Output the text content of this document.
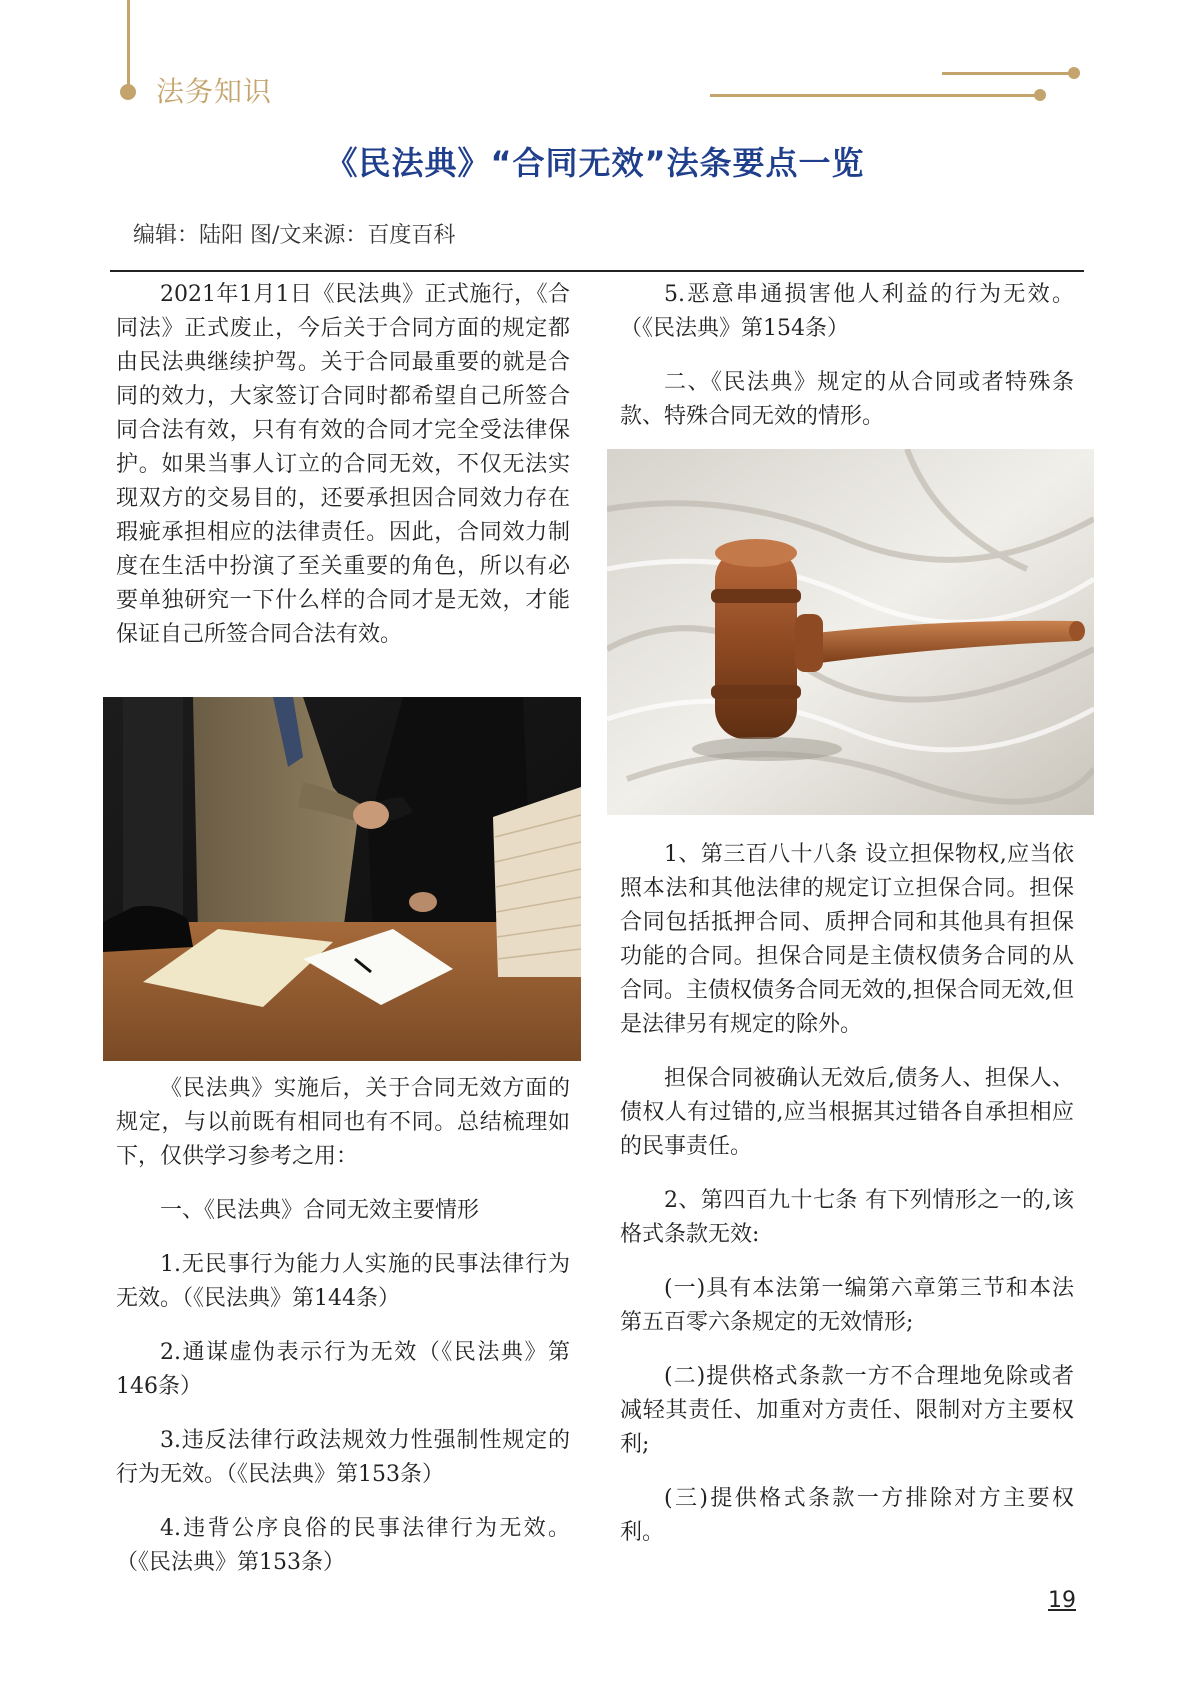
法务知识
《民法典》“合同无效”法条要点一览
编辑：陆阳 图/文来源：百度百科

2021年1月1日《民法典》正式施行，《合同法》正式废止，今后关于合同方面的规定都由民法典继续护驾。关于合同最重要的就是合同的效力，大家签订合同时都希望自己所签合同合法有效，只有有效的合同才完全受法律保护。如果当事人订立的合同无效，不仅无法实现双方的交易目的，还要承担因合同效力存在瑕疵承担相应的法律责任。因此，合同效力制度在生活中扮演了至关重要的角色，所以有必要单独研究一下什么样的合同才是无效，才能保证自己所签合同合法有效。

《民法典》实施后，关于合同无效方面的规定，与以前既有相同也有不同。总结梳理如下，仅供学习参考之用：

一、《民法典》合同无效主要情形

1.无民事行为能力人实施的民事法律行为无效。（《民法典》第144条）

2.通谋虚伪表示行为无效（《民法典》第146条）

3.违反法律行政法规效力性强制性规定的行为无效。（《民法典》第153条）

4.违背公序良俗的民事法律行为无效。（《民法典》第153条）

5.恶意串通损害他人利益的行为无效。（《民法典》第154条）

二、《民法典》规定的从合同或者特殊条款、特殊合同无效的情形。

1、第三百八十八条 设立担保物权,应当依照本法和其他法律的规定订立担保合同。担保合同包括抵押合同、质押合同和其他具有担保功能的合同。担保合同是主债权债务合同的从合同。主债权债务合同无效的,担保合同无效,但是法律另有规定的除外。

担保合同被确认无效后,债务人、担保人、债权人有过错的,应当根据其过错各自承担相应的民事责任。

2、第四百九十七条 有下列情形之一的,该格式条款无效:

(一)具有本法第一编第六章第三节和本法第五百零六条规定的无效情形;

(二)提供格式条款一方不合理地免除或者减轻其责任、加重对方责任、限制对方主要权利;

(三)提供格式条款一方排除对方主要权利。

19
